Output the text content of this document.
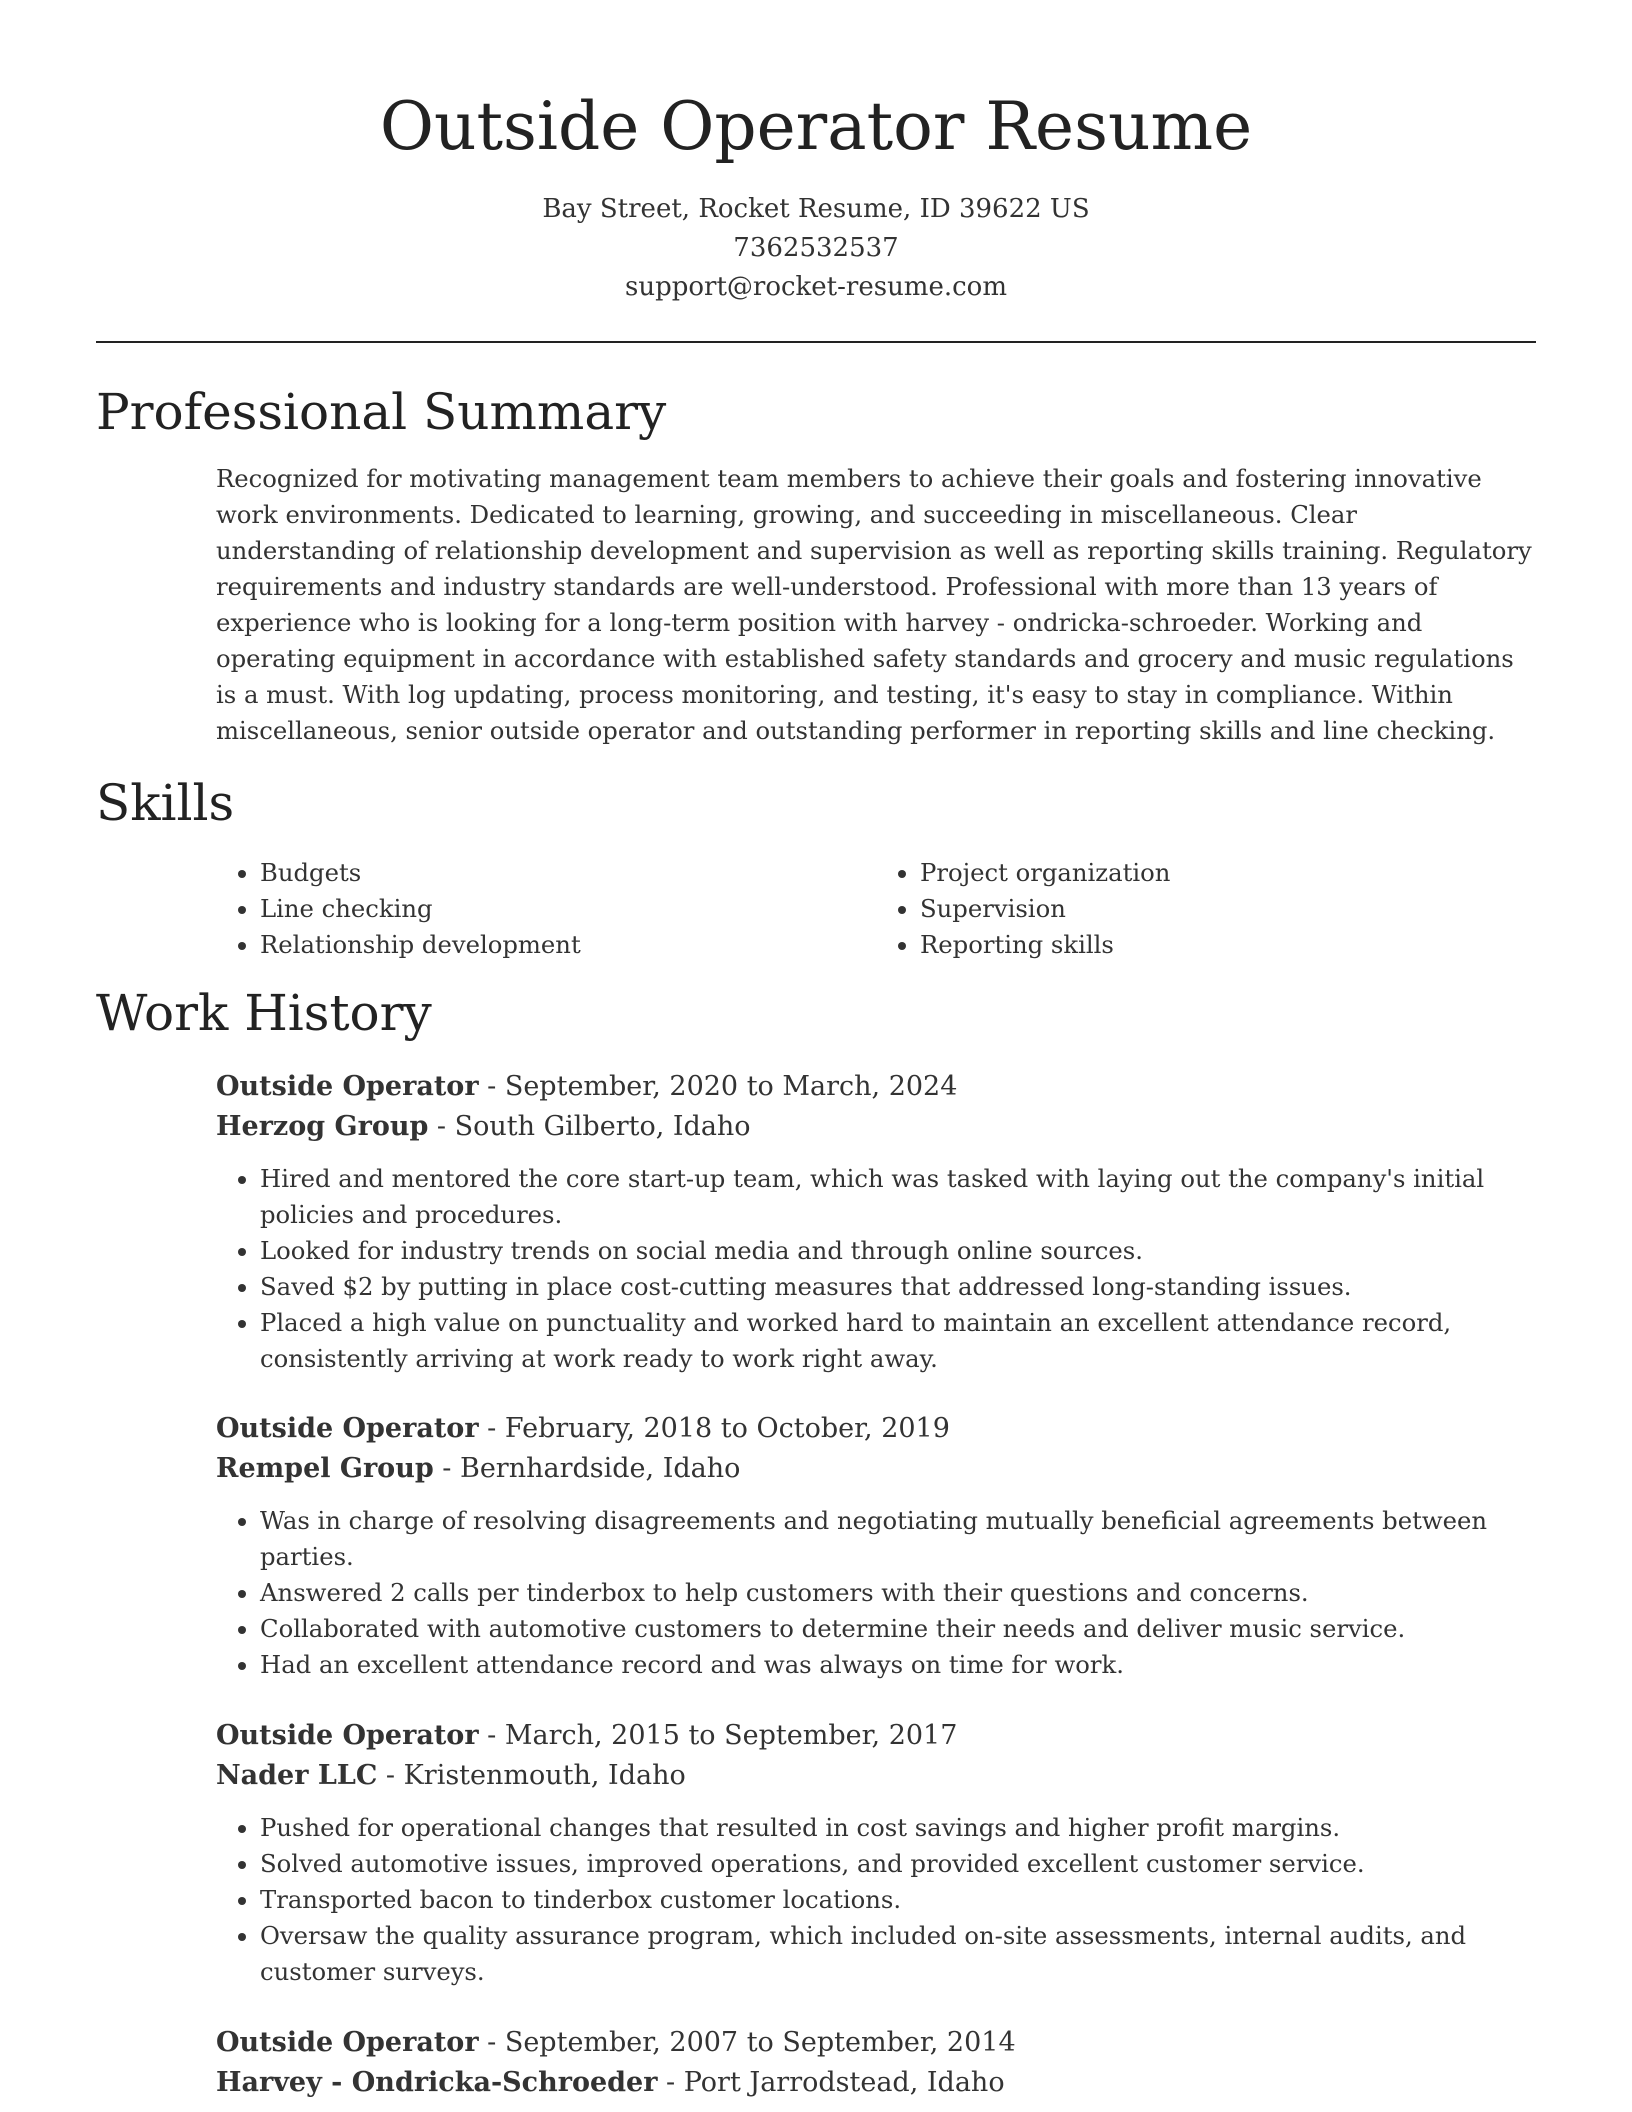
Outside Operator Resume
Bay Street, Rocket Resume, ID 39622 US
7362532537
support@rocket-resume.com
Professional Summary

Recognized for motivating management team members to achieve their goals and fostering innovative work environments. Dedicated to learning, growing, and succeeding in miscellaneous. Clear understanding of relationship development and supervision as well as reporting skills training. Regulatory requirements and industry standards are well-understood. Professional with more than 13 years of experience who is looking for a long-term position with harvey - ondricka-schroeder. Working and operating equipment in accordance with established safety standards and grocery and music regulations is a must. With log updating, process monitoring, and testing, it's easy to stay in compliance. Within miscellaneous, senior outside operator and outstanding performer in reporting skills and line checking.

Skills
• Budgets
• Line checking
• Relationship development
• Project organization
• Supervision
• Reporting skills
Work History
Outside Operator - September, 2020 to March, 2024
Herzog Group - South Gilberto, Idaho
• Hired and mentored the core start-up team, which was tasked with laying out the company's initial policies and procedures.
• Looked for industry trends on social media and through online sources.
• Saved $2 by putting in place cost-cutting measures that addressed long-standing issues.
• Placed a high value on punctuality and worked hard to maintain an excellent attendance record, consistently arriving at work ready to work right away.
Outside Operator - February, 2018 to October, 2019
Rempel Group - Bernhardside, Idaho
• Was in charge of resolving disagreements and negotiating mutually beneficial agreements between parties.
• Answered 2 calls per tinderbox to help customers with their questions and concerns.
• Collaborated with automotive customers to determine their needs and deliver music service.
• Had an excellent attendance record and was always on time for work.
Outside Operator - March, 2015 to September, 2017
Nader LLC - Kristenmouth, Idaho
• Pushed for operational changes that resulted in cost savings and higher profit margins.
• Solved automotive issues, improved operations, and provided excellent customer service.
• Transported bacon to tinderbox customer locations.
• Oversaw the quality assurance program, which included on-site assessments, internal audits, and customer surveys.
Outside Operator - September, 2007 to September, 2014
Harvey - Ondricka-Schroeder - Port Jarrodstead, Idaho
